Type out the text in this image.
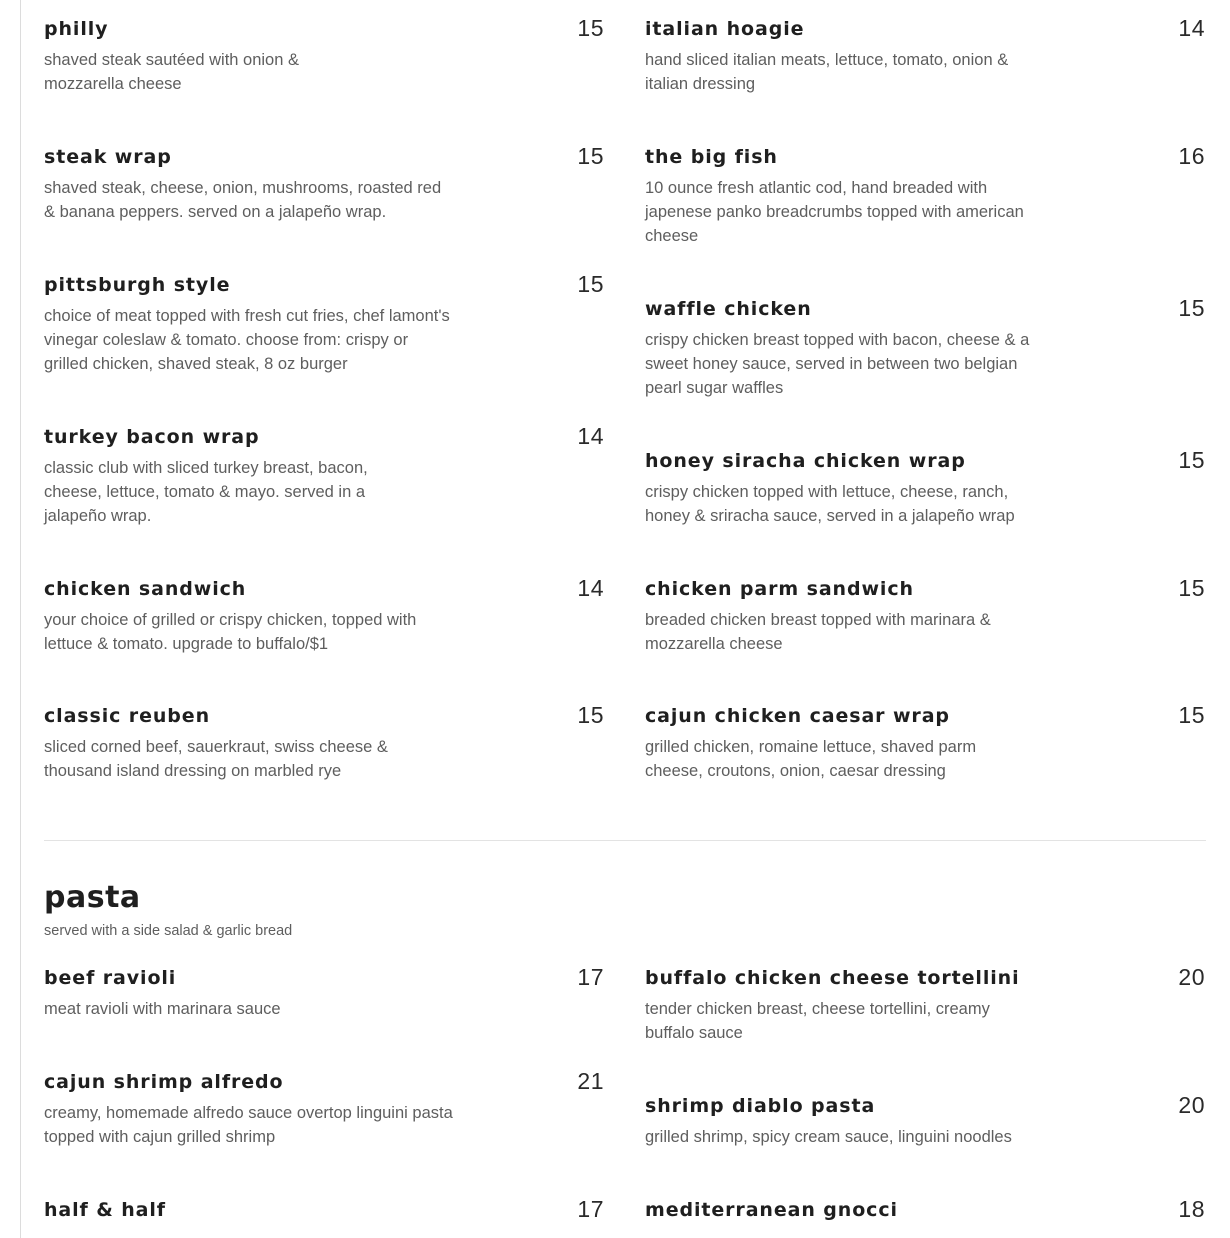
philly	15
shaved steak sautéed with onion & mozzarella cheese
steak wrap	15
shaved steak, cheese, onion, mushrooms, roasted red & banana peppers. served on a jalapeño wrap.
pittsburgh style	15
choice of meat topped with fresh cut fries, chef lamont's vinegar coleslaw & tomato. choose from: crispy or grilled chicken, shaved steak, 8 oz burger
turkey bacon wrap	14
classic club with sliced turkey breast, bacon, cheese, lettuce, tomato & mayo. served in a jalapeño wrap.
chicken sandwich	14
your choice of grilled or crispy chicken, topped with lettuce & tomato. upgrade to buffalo/$1
classic reuben	15
sliced corned beef, sauerkraut, swiss cheese & thousand island dressing on marbled rye
italian hoagie	14
hand sliced italian meats, lettuce, tomato, onion & italian dressing
the big fish	16
10 ounce fresh atlantic cod, hand breaded with japenese panko breadcrumbs topped with american cheese
waffle chicken	15
crispy chicken breast topped with bacon, cheese & a sweet honey sauce, served in between two belgian pearl sugar waffles
honey siracha chicken wrap	15
crispy chicken topped with lettuce, cheese, ranch, honey & sriracha sauce, served in a jalapeño wrap
chicken parm sandwich	15
breaded chicken breast topped with marinara & mozzarella cheese
cajun chicken caesar wrap	15
grilled chicken, romaine lettuce, shaved parm cheese, croutons, onion, caesar dressing
pasta
served with a side salad & garlic bread
beef ravioli	17
meat ravioli with marinara sauce
cajun shrimp alfredo	21
creamy, homemade alfredo sauce overtop linguini pasta topped with cajun grilled shrimp
half & half	17
buffalo chicken cheese tortellini	20
tender chicken breast, cheese tortellini, creamy buffalo sauce
shrimp diablo pasta	20
grilled shrimp, spicy cream sauce, linguini noodles
mediterranean gnocci	18
